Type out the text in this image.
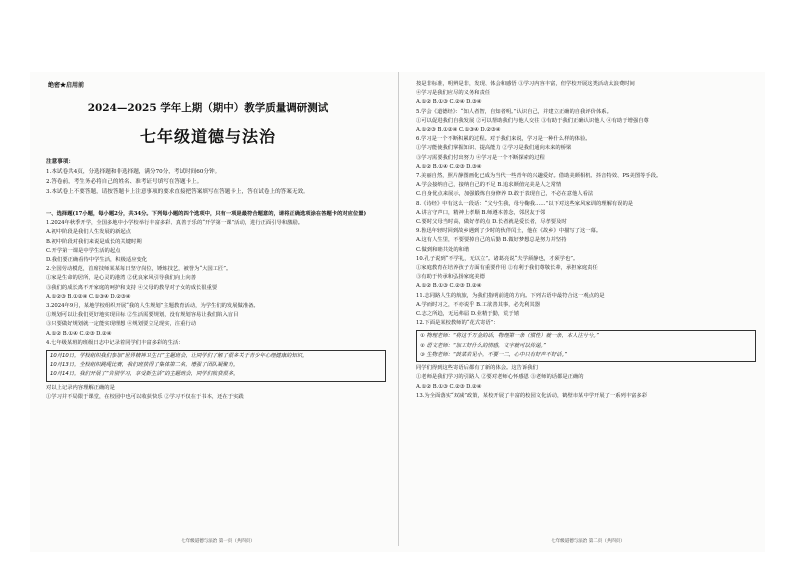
绝密★启用前
2024—2025 学年上期（期中）教学质量调研测试
七年级道德与法治
注意事项：
1.本试卷共4页，分选择题和非选择题，满分70分，考试时间60分钟。
2.答卷前，考生务必将自己的姓名、准考证号填写在答题卡上。
3.本试卷上不要答题，请按答题卡上注意事项的要求直接把答案填写在答题卡上，答在试卷上的答案无效。
一、选择题(17小题，每小题2分，共34分。下列每小题的四个选项中，只有一项是最符合题意的，请将正确选项涂在答题卡的对应位置)
1.2024年秋季开学，全国多地中小学校举行丰富多彩、真善于乐的“开学第一课”活动，进行正面引导和激励。
A.初中阶段是我们人生发展的新起点
B.初中阶段对我们来说是成长的关键时期
C.开学第一课是中学生活的起点
D.我们要正确看待中学生活，积极适应变化
2.全国劳动模范，首席技师某某每日坚守岗位，锤炼技艺，被誉为“大国工匠”。
①家是生命的居所，是心灵的港湾 ②优良家风引导我们向上向善
③我们的成长离不开家庭的呵护和支持 ④父母的教导对子女的成长很重要
A.①②③ B.①②④ C.①③④ D.②③④
3.2024年9月，某地学校组织开展“我的人生规划”主题教育活动，为学生们的发展做准备。
①规划可以让我们更好地实现目标 ②生活需要规划，没有规划容易让我们陷入盲目
③只要做好规划就一定能实现理想 ④规划要立足现实，注重行动
A.①② B.①④ C.②③ D.②④
4.七年级某班的班级日志中记录着同学们丰富多彩的生活：
10月10日，学校组织我们参加“世界精神卫生日”主题班会，让同学们了解了很多关于青少年心理健康的知识。
10月13日，全校组织跳绳比赛，我们班获得了集体第二名，增强了团队凝聚力。
10月14日，我们开展了“告别学习，享受新生活”的主题班会，同学们收获很多。
对以上记录内容理解正确的是
①学习并不局限于课堂，在校园中也可以收获快乐 ②学习不仅在于书本，还在于实践
七年级道德与法治 第一页（共四页）
按是非标准，明辨是非，发现、体会和感悟 ③学习内容丰富，但学校开展这类活动太浪费时间
④学习是我们应尽的义务和责任
A.①② B.①③ C.②④ D.③④
5.学会《道德经》：“知人者智，自知者明。”认识自己，并建立正确的自我评价体系。
①可以促进我们自我发展 ②可以帮助我们与他人交往 ③有助于我们正确认识他人 ④有助于增强自尊
A.①②③ B.①②④ C.①③④ D.②③④
6.学习是一个不断积累的过程。对于我们来说，学习是一种什么样的体验。
①学习能使我们掌握知识、提高能力 ②学习是我们通向未来的桥梁
③学习需要我们付出努力 ④学习是一个不断探索的过程
A.①② B.①④ C.②③ D.③④
7.美丽自然，照片静图画化已成为当代一些青年的兴趣爱好。借助美颜相机、抖音特效、PS美图等手段。
A.学会接纳自己，接纳自己的不足 B.追求颜值完美是人之常情
C.自身优点来展示，加强锻炼自身修养 D.敢于表现自己，不必在意他人看法
8.《诗经》中有这么一段话：“父兮生我，母兮鞠我……”以下对这些家风家训的理解有误的是
A.讲言守声口，精神上孝顺 B.师遵本善念，邻居友于邻
C.要时父母当时高，做好孝的点 D.长者就是爱长者，尽孝要及时
9.鲁迅年轻时回到故乡遇到了少时的伙伴闰土，他在《故乡》中描写了这一幕。
A.这有人生里，不要要掉自己的后勤 B.做好梦想总是努力并坚持
C.做到和睦共处的和谐
10.孔子说到“不学礼，无以立”。诸葛亮说“夫学须静也，才须学也”。
①家庭教育在培养孩子方面有重要作用 ②有利于我们尊敬长辈，承担家庭责任
③有助于传承和弘扬家庭美德
A.①② B.①③ C.②③ D.②④
11.志同路人生的航旅，为我们指明前进的方向。下列古语中最符合这一观点的是
A.学而时习之，不亦说乎 B.工欲善其事，必先利其器
C.志之所趋，无远弗届 D.业精于勤，荒于嬉
12.下面是某校教师的“花式寄语”：
① 物理老师：“将这千万金的话，物理第一条（惯性）就一条，本人注兮兮。”
② 语文老师：“加工好什么的情感，文字就可以传递。”
③ 生物老师：“鼓菜若见小，不要一二，心中只有好声不好话。”
同学们得到这些寄语后都有了新的体会。这告诉我们
①老师是我们学习的引路人 ②要对老师心怀感恩 ③老师的话都是正确的
A.①② B.①③ C.②③ D.②④
13.为全面落实“双减”政策，某校开展了丰富的校园文化活动，鹤壁市某中学开展了一系列丰富多彩
七年级道德与法治 第二页（共四页）
